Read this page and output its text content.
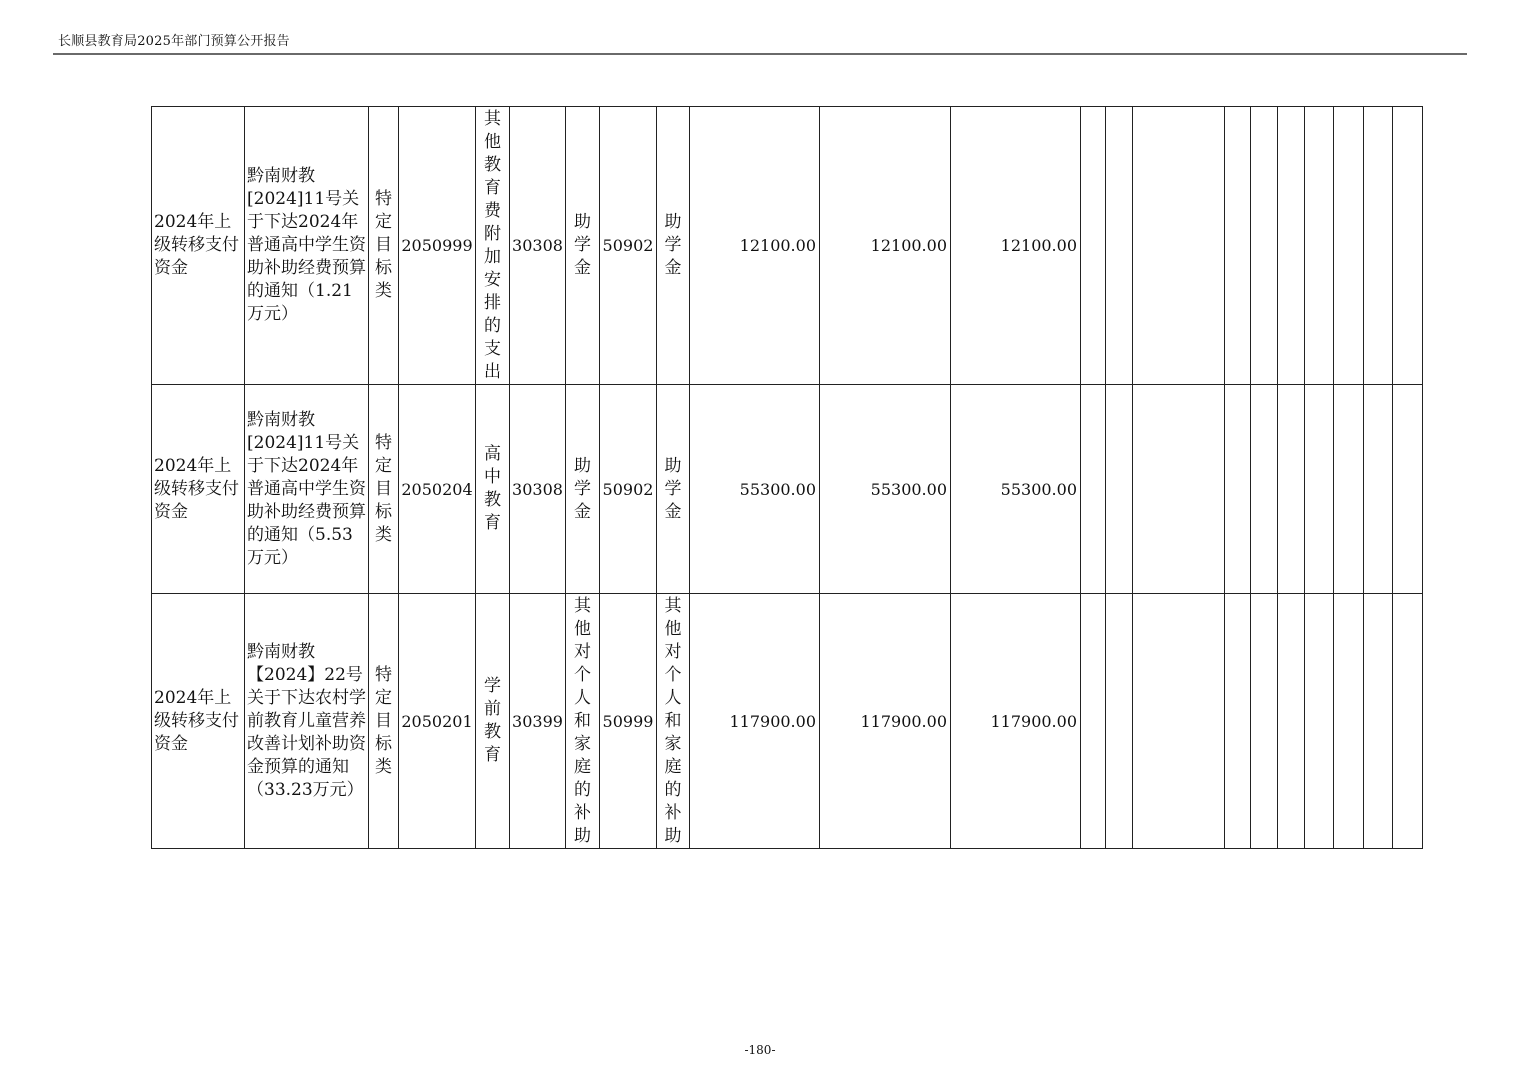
长顺县教育局2025年部门预算公开报告
2024年上级转移支付资金	黔南财教[2024]11号关于下达2024年普通高中学生资助补助经费预算的通知（1.21万元）	特定目标类	2050999	其他教育费附加安排的支出	30308	助学金	50902	助学金	12100.00	12100.00	12100.00										
2024年上级转移支付资金	黔南财教[2024]11号关于下达2024年普通高中学生资助补助经费预算的通知（5.53万元）	特定目标类	2050204	高中教育	30308	助学金	50902	助学金	55300.00	55300.00	55300.00										
2024年上级转移支付资金	黔南财教【2024】22号关于下达农村学前教育儿童营养改善计划补助资金预算的通知（33.23万元）	特定目标类	2050201	学前教育	30399	其他对个人和家庭的补助	50999	其他对个人和家庭的补助	117900.00	117900.00	117900.00										
-180-
